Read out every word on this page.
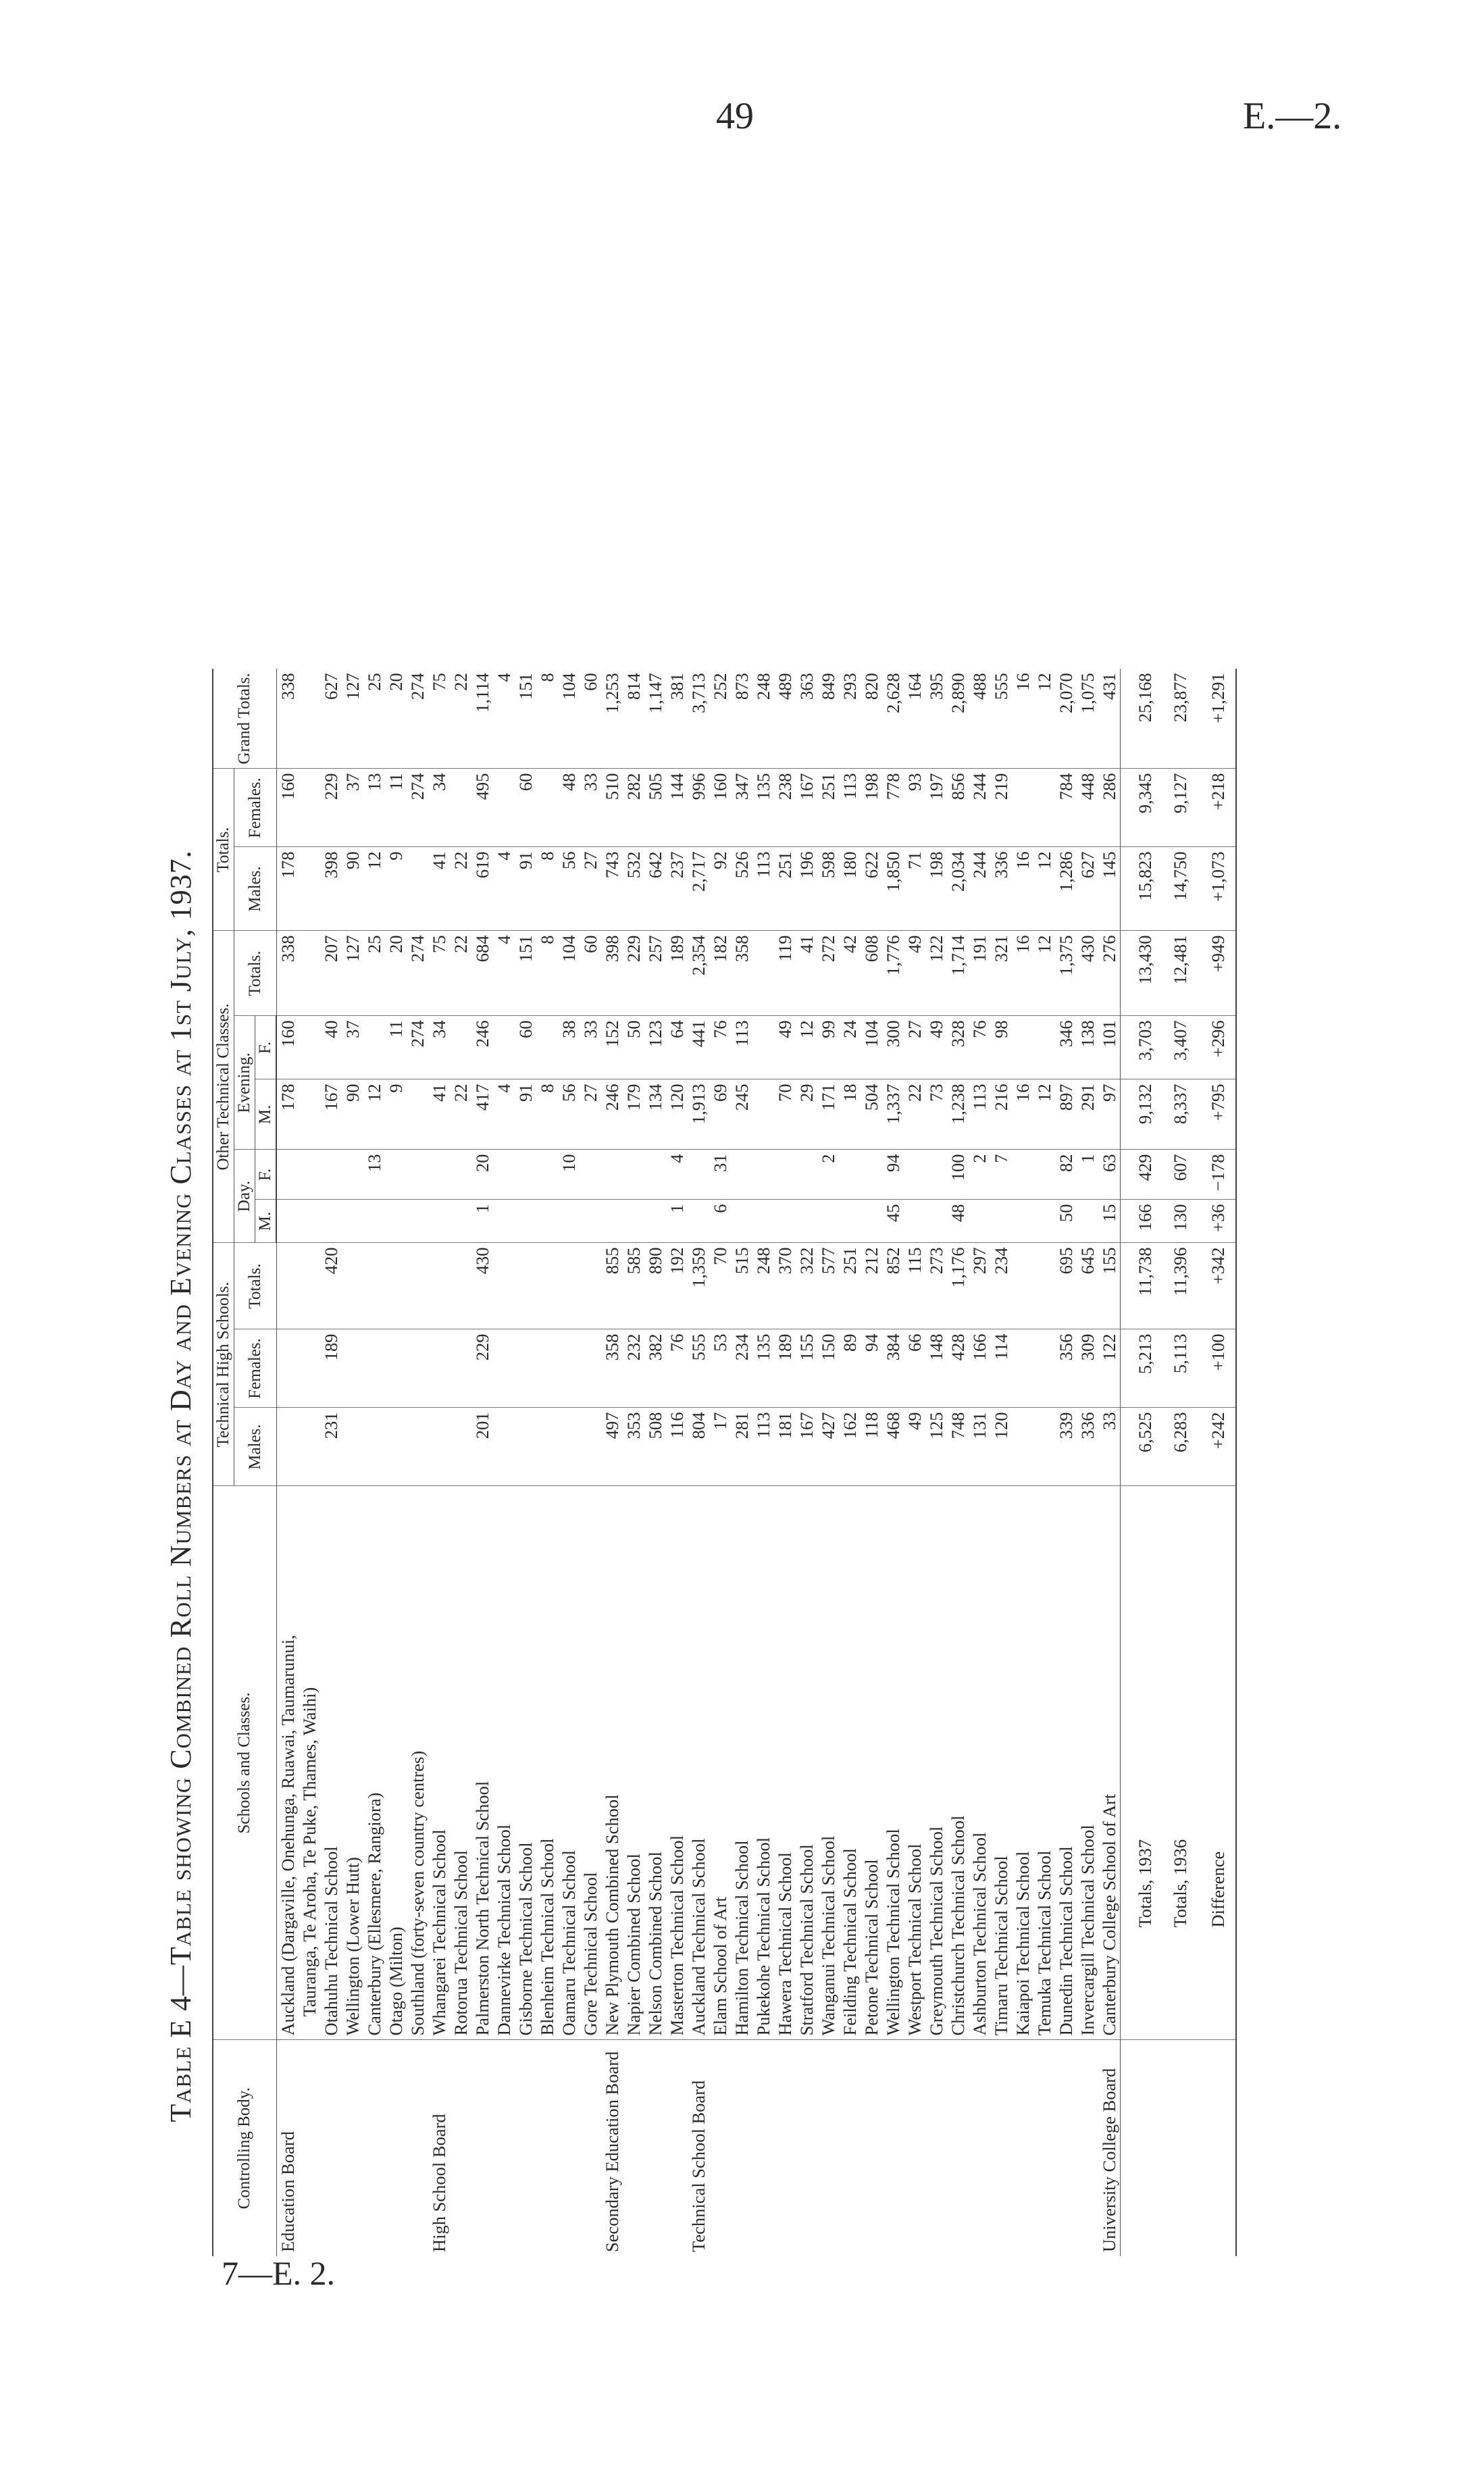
49	E.—2.
Table E 4—Table showing Combined Roll Numbers at Day and Evening Classes at 1st July, 1937.
Controlling Body.	Schools and Classes.	Technical High Schools.			Other Technical Classes.					Totals.		Grand Totals.
		Males.	Females.	Totals.	Day.		Evening.		Totals.	Males.	Females.	
					M.	F.	M.	F.				
Education Board	Auckland (Dargaville, Onehunga, Ruawai, Taumarunui, Tauranga, Te Aroha, Te Puke, Thames, Waihi)						178	160	338	178	160	338

	Otahuhu Technical School	231	189	420			167	40	207	398	229	627

	Wellington (Lower Hutt)						90	37	127	90	37	127

	Canterbury (Ellesmere, Rangiora)					13	12		25	12	13	25

	Otago (Milton)						9	11	20	9	11	20

	Southland (forty-seven country centres)							274	274		274	274
High School Board	Whangarei Technical School						41	34	75	41	34	75

	Rotorua Technical School						22		22	22		22

	Palmerston North Technical School	201	229	430	1	20	417	246	684	619	495	1,114

	Dannevirke Technical School						4		4	4		4

	Gisborne Technical School						91	60	151	91	60	151

	Blenheim Technical School						8		8	8		8

	Oamaru Technical School					10	56	38	104	56	48	104

	Gore Technical School						27	33	60	27	33	60
Secondary Education Board	New Plymouth Combined School	497	358	855			246	152	398	743	510	1,253

	Napier Combined School	353	232	585			179	50	229	532	282	814

	Nelson Combined School	508	382	890			134	123	257	642	505	1,147

	Masterton Technical School	116	76	192	1	4	120	64	189	237	144	381
Technical School Board	Auckland Technical School	804	555	1,359			1,913	441	2,354	2,717	996	3,713

	Elam School of Art	17	53	70	6	31	69	76	182	92	160	252

	Hamilton Technical School	281	234	515			245	113	358	526	347	873

	Pukekohe Technical School	113	135	248						113	135	248

	Hawera Technical School	181	189	370			70	49	119	251	238	489

	Stratford Technical School	167	155	322			29	12	41	196	167	363

	Wanganui Technical School	427	150	577		2	171	99	272	598	251	849

	Feilding Technical School	162	89	251			18	24	42	180	113	293

	Petone Technical School	118	94	212			504	104	608	622	198	820

	Wellington Technical School	468	384	852	45	94	1,337	300	1,776	1,850	778	2,628

	Westport Technical School	49	66	115			22	27	49	71	93	164

	Greymouth Technical School	125	148	273			73	49	122	198	197	395

	Christchurch Technical School	748	428	1,176	48	100	1,238	328	1,714	2,034	856	2,890

	Ashburton Technical School	131	166	297		2	113	76	191	244	244	488

	Timaru Technical School	120	114	234		7	216	98	321	336	219	555

	Kaiapoi Technical School						16		16	16		16

	Temuka Technical School						12		12	12		12

	Dunedin Technical School	339	356	695	50	82	897	346	1,375	1,286	784	2,070

	Invercargill Technical School	336	309	645		1	291	138	430	627	448	1,075
University College Board	Canterbury College School of Art	33	122	155	15	63	97	101	276	145	286	431

	Totals, 1937	6,525	5,213	11,738	166	429	9,132	3,703	13,430	15,823	9,345	25,168

	Totals, 1936	6,283	5,113	11,396	130	607	8,337	3,407	12,481	14,750	9,127	23,877

	Difference	+242	+100	+342	+36	−178	+795	+296	+949	+1,073	+218	+1,291
7—E. 2.
